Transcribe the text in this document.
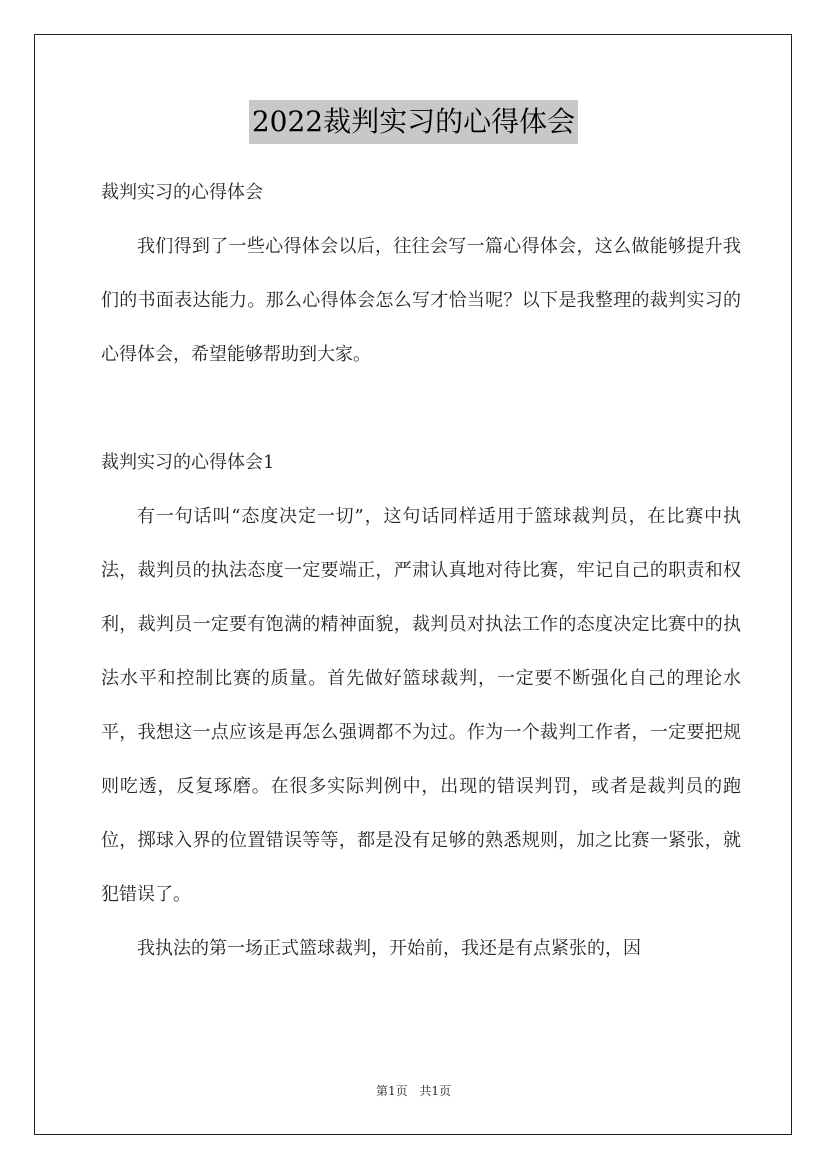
2022裁判实习的心得体会

裁判实习的心得体会

我们得到了一些心得体会以后，往往会写一篇心得体会，这么做能够提升我们的书面表达能力。那么心得体会怎么写才恰当呢？以下是我整理的裁判实习的心得体会，希望能够帮助到大家。

裁判实习的心得体会1

有一句话叫“态度决定一切”，这句话同样适用于篮球裁判员，在比赛中执法，裁判员的执法态度一定要端正，严肃认真地对待比赛，牢记自己的职责和权利，裁判员一定要有饱满的精神面貌，裁判员对执法工作的态度决定比赛中的执法水平和控制比赛的质量。首先做好篮球裁判，一定要不断强化自己的理论水平，我想这一点应该是再怎么强调都不为过。作为一个裁判工作者，一定要把规则吃透，反复琢磨。在很多实际判例中，出现的错误判罚，或者是裁判员的跑位，掷球入界的位置错误等等，都是没有足够的熟悉规则，加之比赛一紧张，就犯错误了。

我执法的第一场正式篮球裁判，开始前，我还是有点紧张的，因

第1页 共1页
